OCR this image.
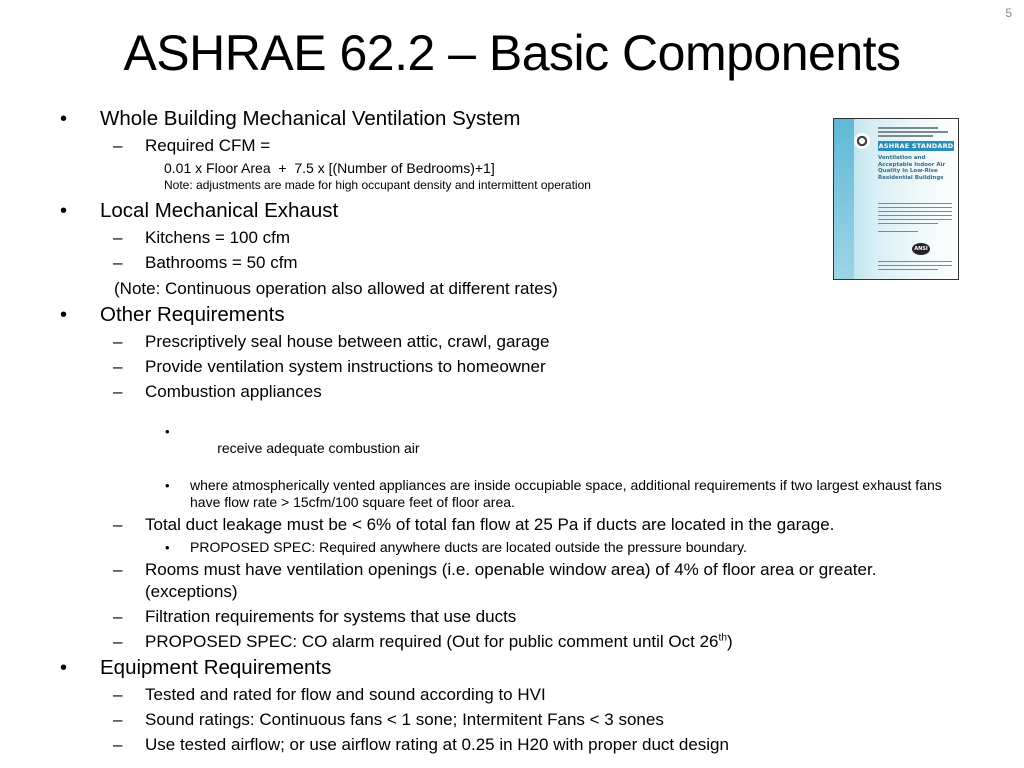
5
ASHRAE 62.2 – Basic Components
ASHRAE STANDARD
Ventilation and Acceptable Indoor Air Quality in Low-Rise Residential Buildings
ANSI
• Whole Building Mechanical Ventilation System
– Required CFM =
0.01 x Floor Area  +  7.5 x [(Number of Bedrooms)+1]
Note: adjustments are made for high occupant density and intermittent operation
• Local Mechanical Exhaust
– Kitchens = 100 cfm
– Bathrooms = 50 cfm
(Note: Continuous operation also allowed at different rates)
• Other Requirements
– Prescriptively seal house between attic, crawl, garage
– Provide ventilation system instructions to homeowner
– Combustion appliances

•

receive adequate combustion air

• where atmospherically vented appliances are inside occupiable space, additional requirements if two largest exhaust fans have flow rate > 15cfm/100 square feet of floor area.
– Total duct leakage must be < 6% of total fan flow at 25 Pa if ducts are located in the garage.
• PROPOSED SPEC: Required anywhere ducts are located outside the pressure boundary.
– Rooms must have ventilation openings (i.e. openable window area) of 4% of floor area or greater. (exceptions)
– Filtration requirements for systems that use ducts
– PROPOSED SPEC: CO alarm required (Out for public comment until Oct 26th)
• Equipment Requirements
– Tested and rated for flow and sound according to HVI
– Sound ratings: Continuous fans < 1 sone; Intermitent Fans < 3 sones
– Use tested airflow; or use airflow rating at 0.25 in H20 with proper duct design
